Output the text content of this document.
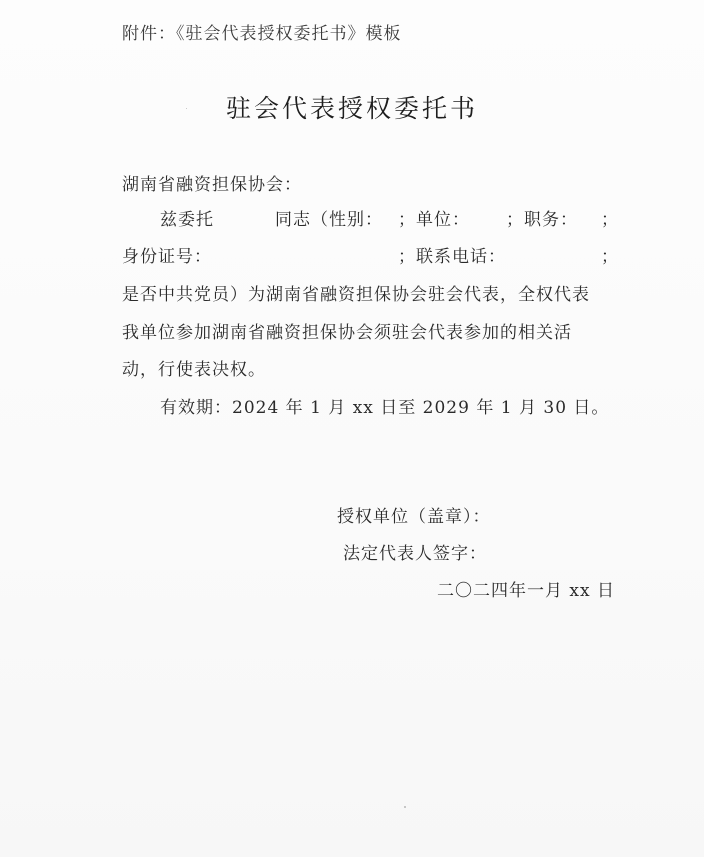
附件：《驻会代表授权委托书》模板
驻会代表授权委托书
湖南省融资担保协会：
兹委托	同志（性别： ；单位： ；职务： ；
身份证号：	；联系电话：	；
是否中共党员）为湖南省融资担保协会驻会代表，全权代表
我单位参加湖南省融资担保协会须驻会代表参加的相关活
动，行使表决权。
有效期：2024 年 1 月 xx 日至 2029 年 1 月 30 日。
授权单位（盖章）：
法定代表人签字：
二〇二四年一月 xx 日
